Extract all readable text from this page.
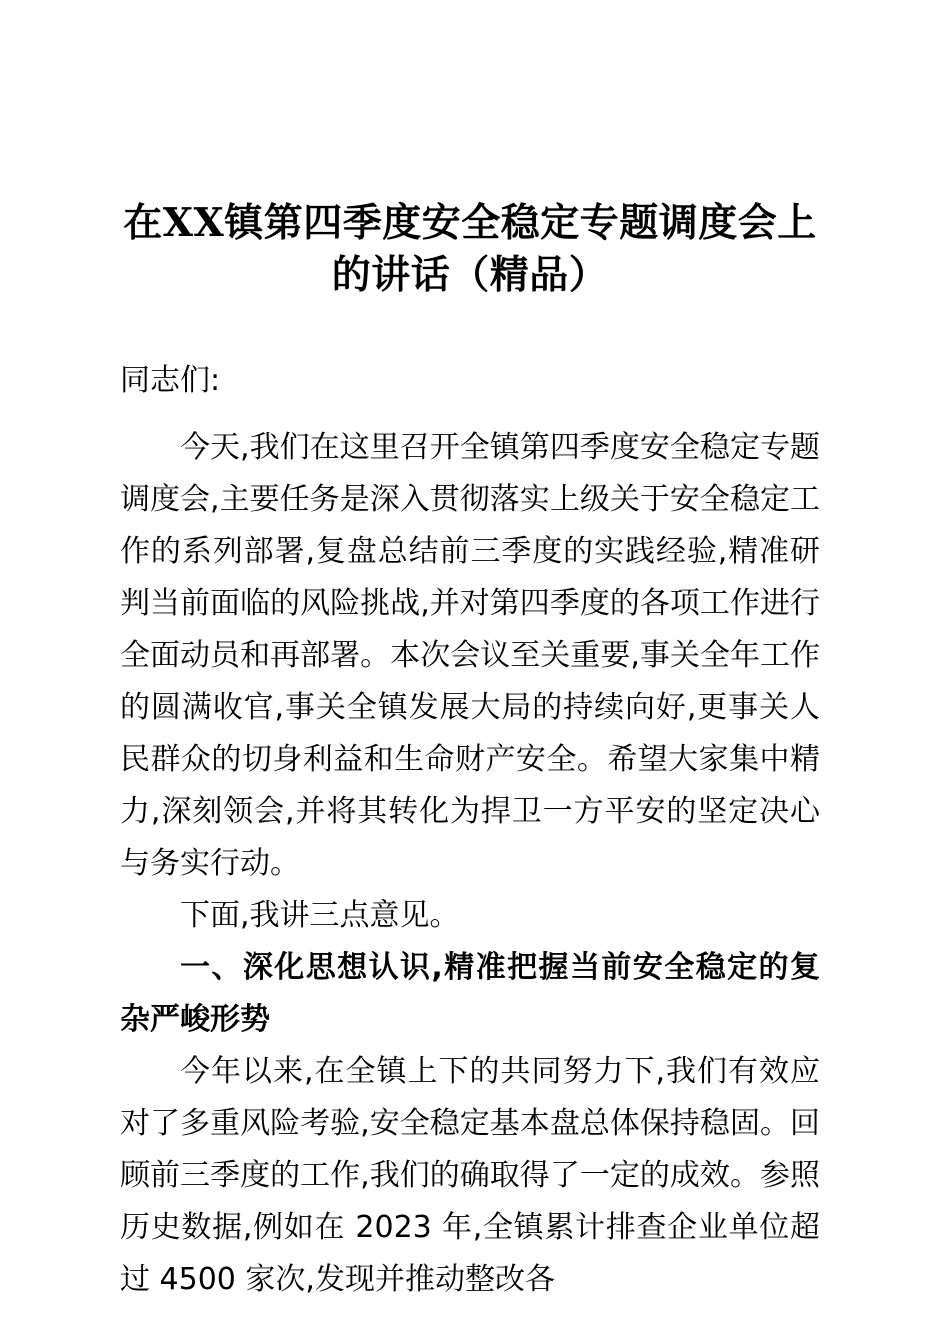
在XX镇第四季度安全稳定专题调度会上的讲话（精品）
同志们:

今天,我们在这里召开全镇第四季度安全稳定专题调度会,主要任务是深入贯彻落实上级关于安全稳定工作的系列部署,复盘总结前三季度的实践经验,精准研判当前面临的风险挑战,并对第四季度的各项工作进行全面动员和再部署。本次会议至关重要,事关全年工作的圆满收官,事关全镇发展大局的持续向好,更事关人民群众的切身利益和生命财产安全。希望大家集中精力,深刻领会,并将其转化为捍卫一方平安的坚定决心与务实行动。

下面,我讲三点意见。

一、深化思想认识,精准把握当前安全稳定的复杂严峻形势

今年以来,在全镇上下的共同努力下,我们有效应对了多重风险考验,安全稳定基本盘总体保持稳固。回顾前三季度的工作,我们的确取得了一定的成效。参照历史数据,例如在 2023 年,全镇累计排查企业单位超过 4500 家次,发现并推动整改各
